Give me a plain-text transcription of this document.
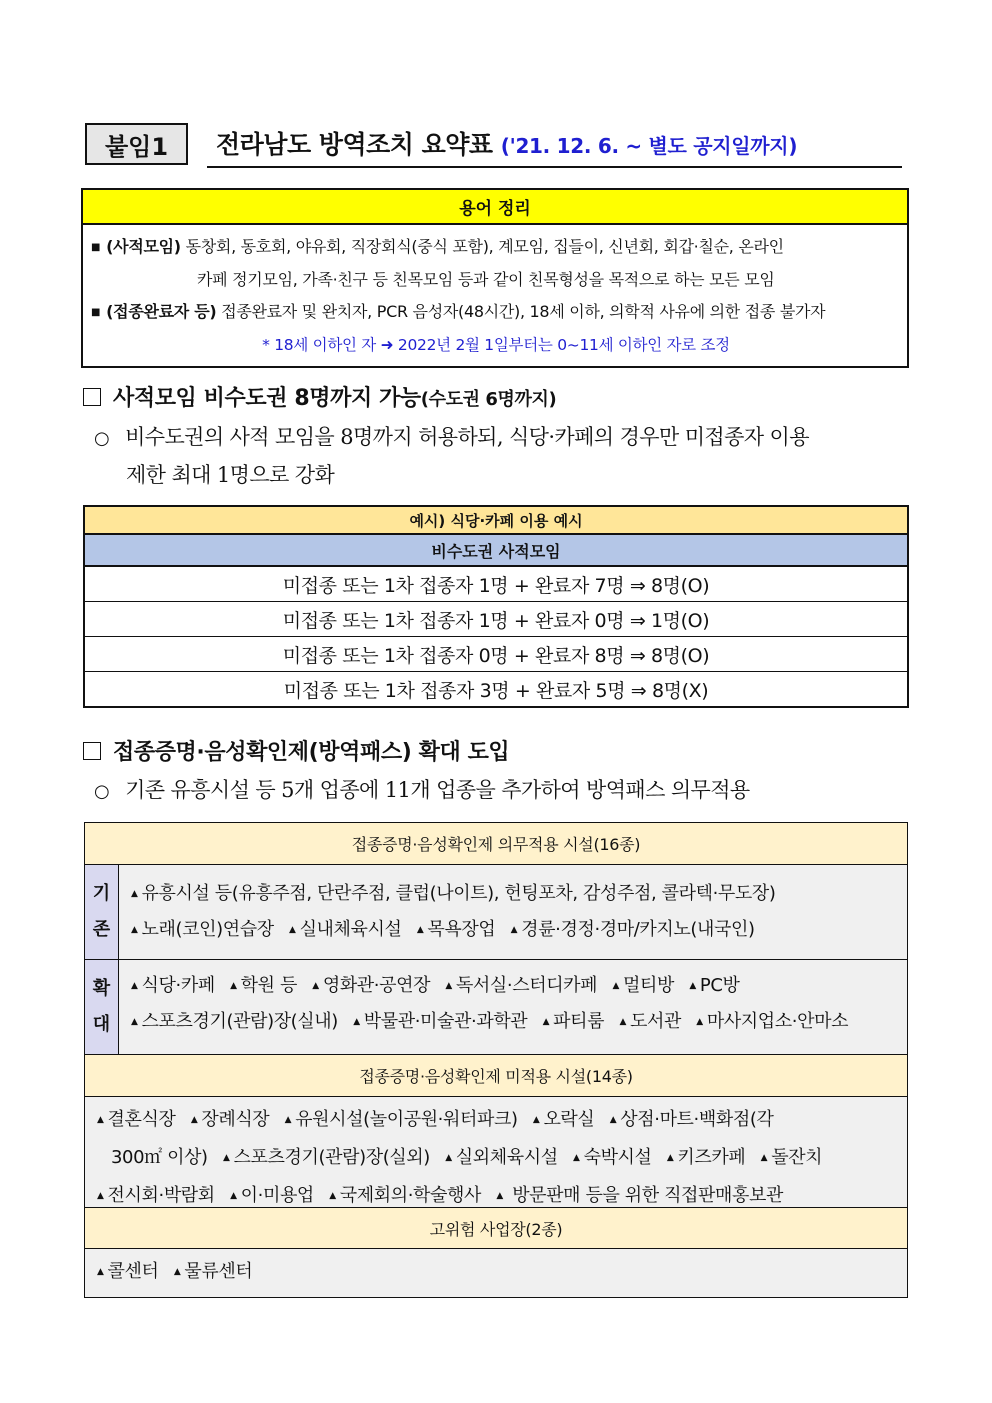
붙임1	전라남도 방역조치 요약표 ('21. 12. 6. ~ 별도 공지일까지)
용어 정리
■ (사적모임) 동창회, 동호회, 야유회, 직장회식(중식 포함), 계모임, 집들이, 신년회, 회갑·칠순, 온라인
카페 정기모임, 가족·친구 등 친목모임 등과 같이 친목형성을 목적으로 하는 모든 모임
■ (접종완료자 등) 접종완료자 및 완치자, PCR 음성자(48시간), 18세 이하, 의학적 사유에 의한 접종 불가자
* 18세 이하인 자 ➜ 2022년 2월 1일부터는 0~11세 이하인 자로 조정
사적모임 비수도권 8명까지 가능(수도권 6명까지)
○ 비수도권의 사적 모임을 8명까지 허용하되, 식당·카페의 경우만 미접종자 이용
제한 최대 1명으로 강화
예시) 식당·카페 이용 예시
비수도권 사적모임
미접종 또는 1차 접종자 1명 + 완료자 7명 ⇒ 8명(O)
미접종 또는 1차 접종자 1명 + 완료자 0명 ⇒ 1명(O)
미접종 또는 1차 접종자 0명 + 완료자 8명 ⇒ 8명(O)
미접종 또는 1차 접종자 3명 + 완료자 5명 ⇒ 8명(X)
접종증명·음성확인제(방역패스) 확대 도입
○ 기존 유흥시설 등 5개 업종에 11개 업종을 추가하여 방역패스 의무적용
접종증명·음성확인제 의무적용 시설(16종)
기
존
▲ 유흥시설 등(유흥주점, 단란주점, 클럽(나이트), 헌팅포차, 감성주점, 콜라텍·무도장)
▲ 노래(코인)연습장 ▲ 실내체육시설 ▲ 목욕장업 ▲ 경륜·경정·경마/카지노(내국인)
확
대
▲ 식당·카페 ▲ 학원 등 ▲ 영화관·공연장 ▲ 독서실·스터디카페 ▲ 멀티방 ▲ PC방
▲ 스포츠경기(관람)장(실내) ▲ 박물관·미술관·과학관 ▲ 파티룸 ▲ 도서관 ▲ 마사지업소·안마소
접종증명·음성확인제 미적용 시설(14종)
▲ 결혼식장 ▲ 장례식장 ▲ 유원시설(놀이공원·워터파크) ▲ 오락실 ▲ 상점·마트·백화점(각
300㎡ 이상) ▲ 스포츠경기(관람)장(실외) ▲ 실외체육시설 ▲ 숙박시설 ▲ 키즈카페 ▲ 돌잔치
▲ 전시회·박람회 ▲ 이·미용업 ▲ 국제회의·학술행사 ▲ 방문판매 등을 위한 직접판매홍보관
고위험 사업장(2종)
▲ 콜센터 ▲ 물류센터
